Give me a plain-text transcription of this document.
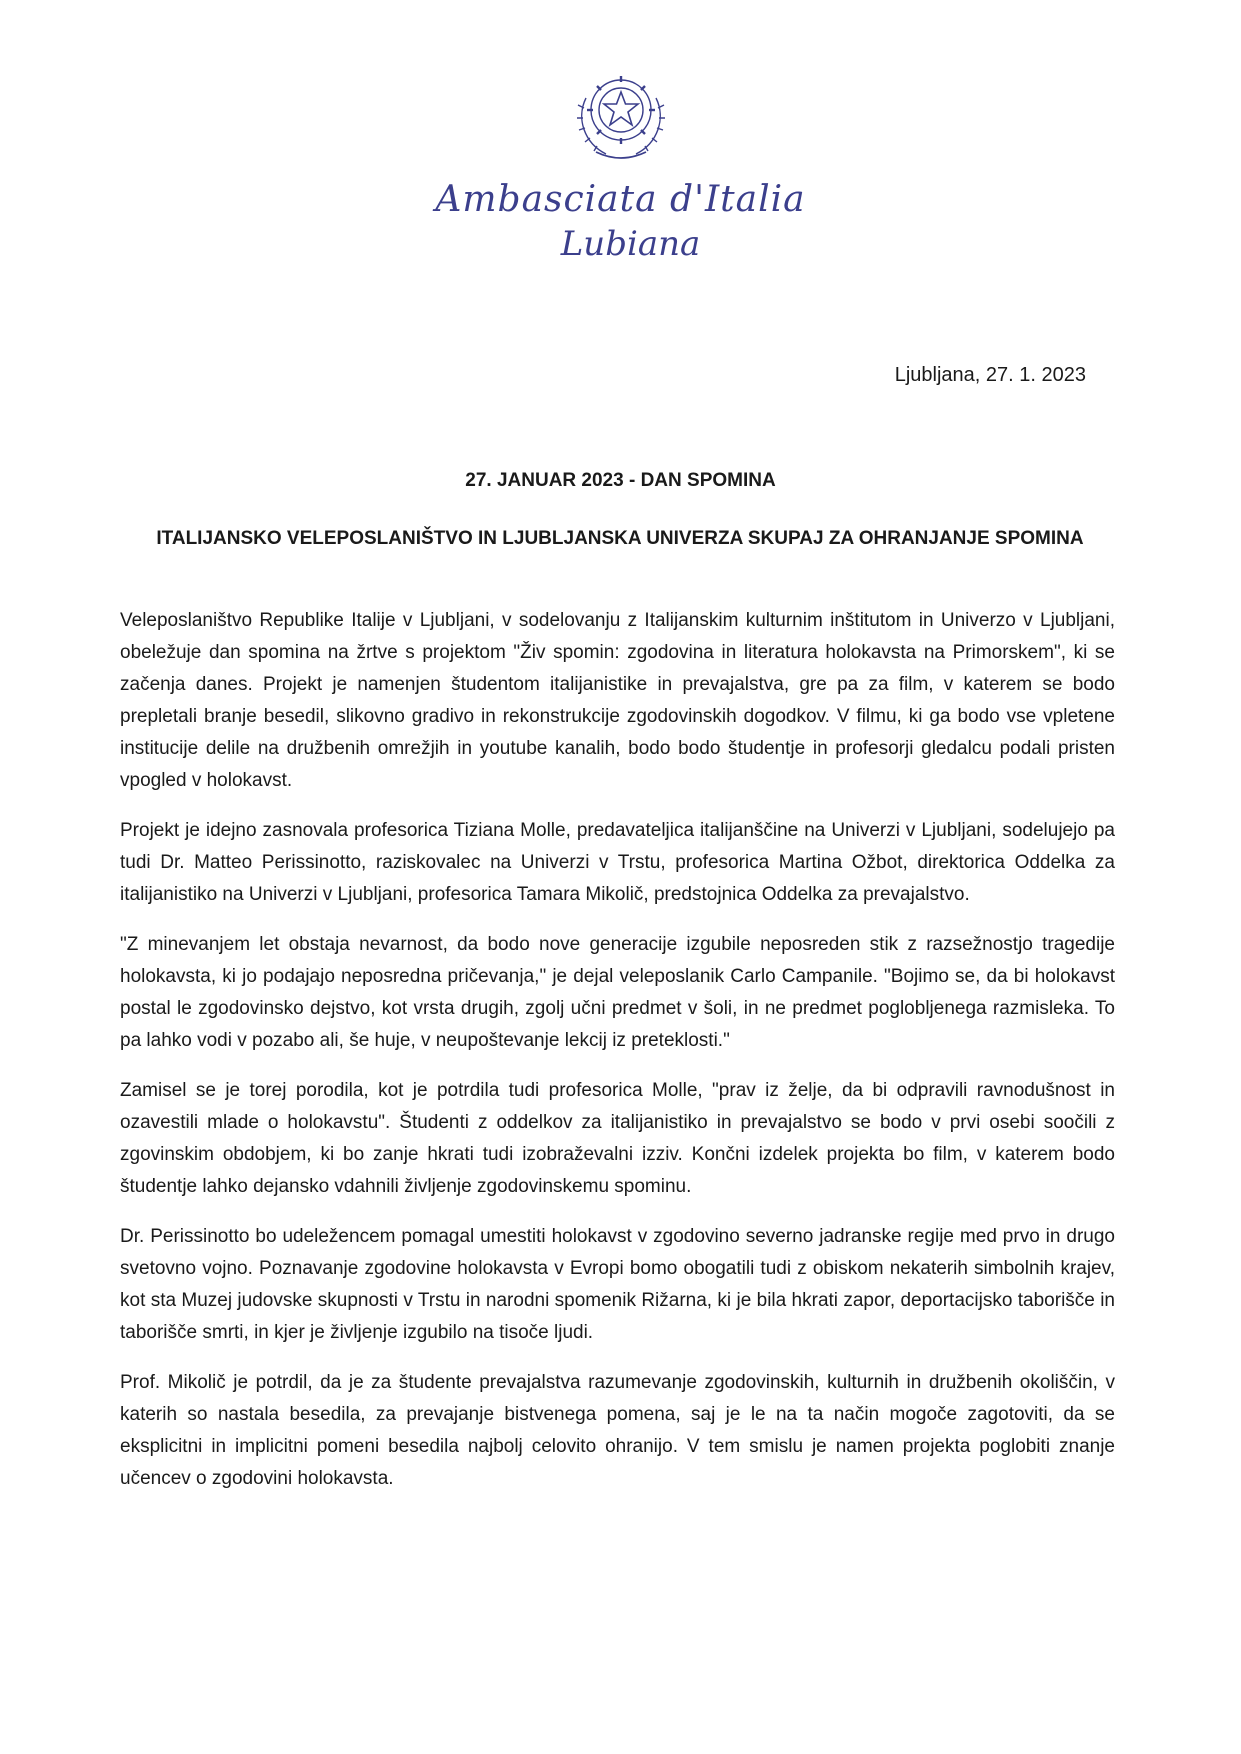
Ambasciata d'Italia
Lubiana
Ljubljana, 27. 1. 2023
27. JANUAR 2023 - DAN SPOMINA
ITALIJANSKO VELEPOSLANIŠTVO IN LJUBLJANSKA UNIVERZA SKUPAJ ZA OHRANJANJE SPOMINA

Veleposlaništvo Republike Italije v Ljubljani, v sodelovanju z Italijanskim kulturnim inštitutom in Univerzo v Ljubljani, obeležuje dan spomina na žrtve s projektom "Živ spomin: zgodovina in literatura holokavsta na Primorskem", ki se začenja danes. Projekt je namenjen študentom italijanistike in prevajalstva, gre pa za film, v katerem se bodo prepletali branje besedil, slikovno gradivo in rekonstrukcije zgodovinskih dogodkov. V filmu, ki ga bodo vse vpletene institucije delile na družbenih omrežjih in youtube kanalih, bodo bodo študentje in profesorji gledalcu podali pristen vpogled v holokavst.

Projekt je idejno zasnovala profesorica Tiziana Molle, predavateljica italijanščine na Univerzi v Ljubljani, sodelujejo pa tudi Dr. Matteo Perissinotto, raziskovalec na Univerzi v Trstu, profesorica Martina Ožbot, direktorica Oddelka za italijanistiko na Univerzi v Ljubljani, profesorica Tamara Mikolič, predstojnica Oddelka za prevajalstvo.

"Z minevanjem let obstaja nevarnost, da bodo nove generacije izgubile neposreden stik z razsežnostjo tragedije holokavsta, ki jo podajajo neposredna pričevanja," je dejal veleposlanik Carlo Campanile. "Bojimo se, da bi holokavst postal le zgodovinsko dejstvo, kot vrsta drugih, zgolj učni predmet v šoli, in ne predmet poglobljenega razmisleka. To pa lahko vodi v pozabo ali, še huje, v neupoštevanje lekcij iz preteklosti."

Zamisel se je torej porodila, kot je potrdila tudi profesorica Molle, "prav iz želje, da bi odpravili ravnodušnost in ozavestili mlade o holokavstu". Študenti z oddelkov za italijanistiko in prevajalstvo se bodo v prvi osebi soočili z zgovinskim obdobjem, ki bo zanje hkrati tudi izobraževalni izziv. Končni izdelek projekta bo film, v katerem bodo študentje lahko dejansko vdahnili življenje zgodovinskemu spominu.

Dr. Perissinotto bo udeležencem pomagal umestiti holokavst v zgodovino severno jadranske regije med prvo in drugo svetovno vojno. Poznavanje zgodovine holokavsta v Evropi bomo obogatili tudi z obiskom nekaterih simbolnih krajev, kot sta Muzej judovske skupnosti v Trstu in narodni spomenik Rižarna, ki je bila hkrati zapor, deportacijsko taborišče in taborišče smrti, in kjer je življenje izgubilo na tisoče ljudi.

Prof. Mikolič je potrdil, da je za študente prevajalstva razumevanje zgodovinskih, kulturnih in družbenih okoliščin, v katerih so nastala besedila, za prevajanje bistvenega pomena, saj je le na ta način mogoče zagotoviti, da se eksplicitni in implicitni pomeni besedila najbolj celovito ohranijo. V tem smislu je namen projekta poglobiti znanje učencev o zgodovini holokavsta.
